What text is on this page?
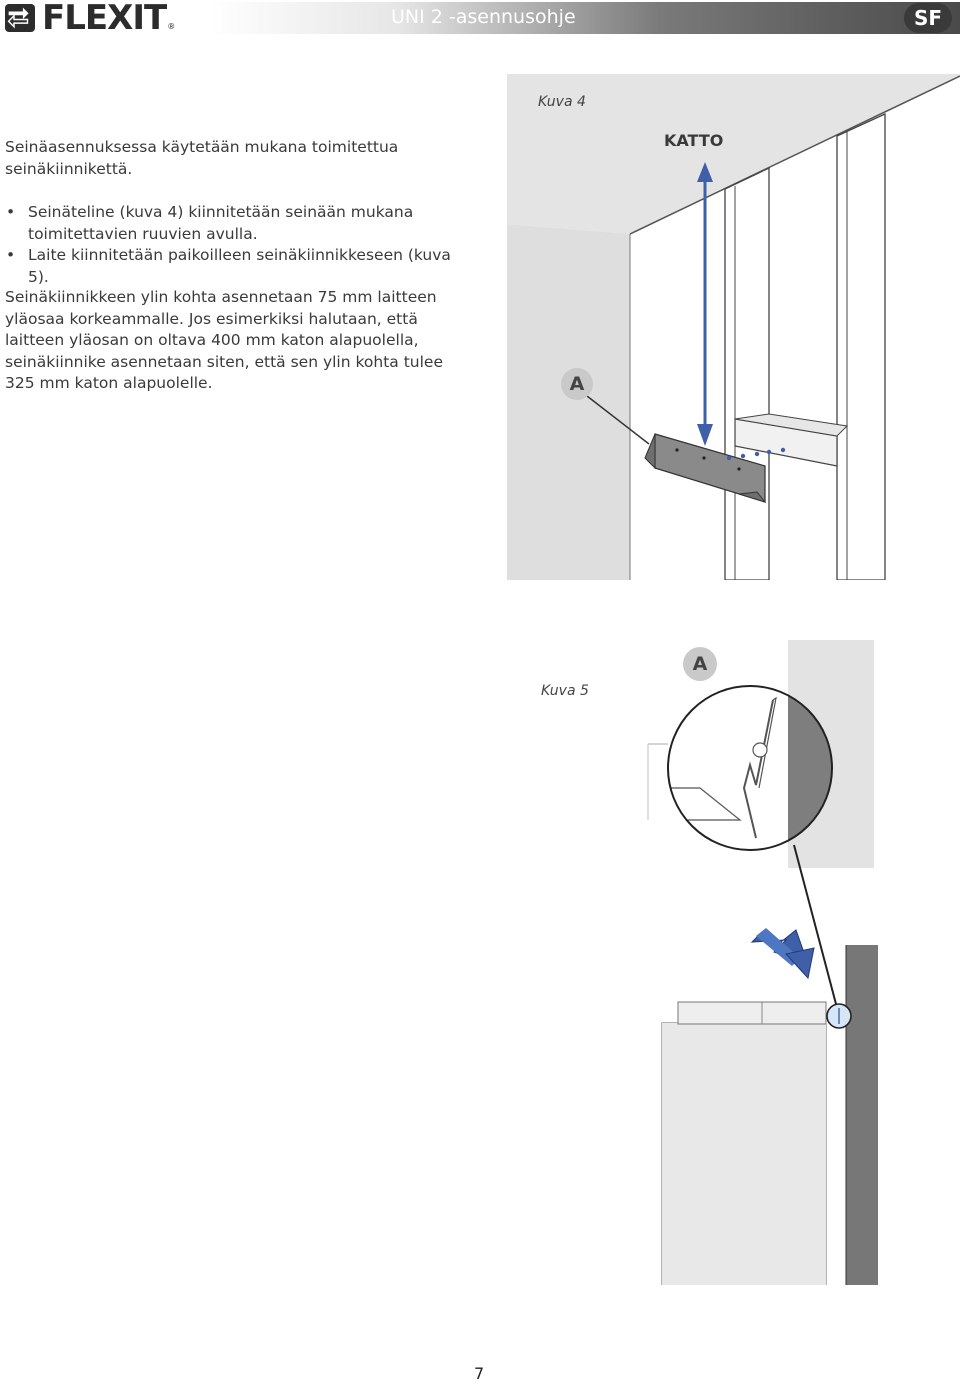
FLEXIT ®	UNI 2 -asennusohje	SF
Seinäasennuksessa käytetään mukana toimitettua seinäkiinnikettä.
• Seinäteline (kuva 4) kiinnitetään seinään mukana toimitettavien ruuvien avulla.
• Laite kiinnitetään paikoilleen seinäkiinnikkeseen (kuva 5).
Seinäkiinnikkeen ylin kohta asennetaan 75 mm laitteen yläosaa korkeammalle. Jos esimerkiksi halutaan, että laitteen yläosan on oltava 400 mm katon alapuolella, seinäkiinnike asennetaan siten, että sen ylin kohta tulee 325 mm katon alapuolelle.
Kuva 4
KATTO
A
Kuva 5
A
7
